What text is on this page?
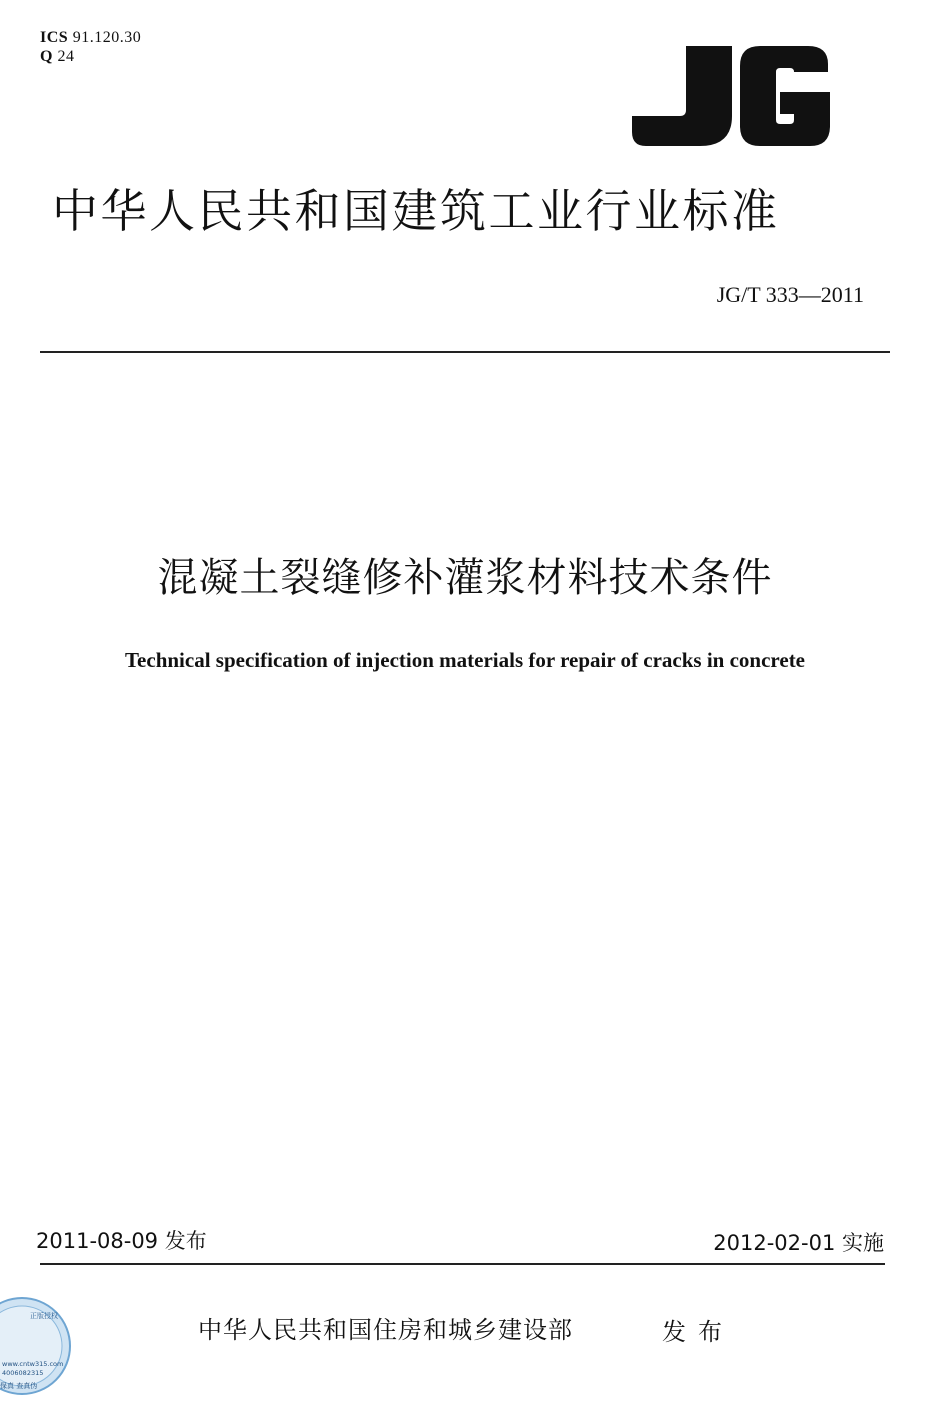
ICS 91.120.30
Q 24
中华人民共和国建筑工业行业标准
JG/T 333—2011
混凝土裂缝修补灌浆材料技术条件
Technical specification of injection materials for repair of cracks in concrete
2011-08-09 发布	2012-02-01 实施
中华人民共和国住房和城乡建设部	发布
正版授权
www.cntw315.com
4006082315
保真 查真伪
